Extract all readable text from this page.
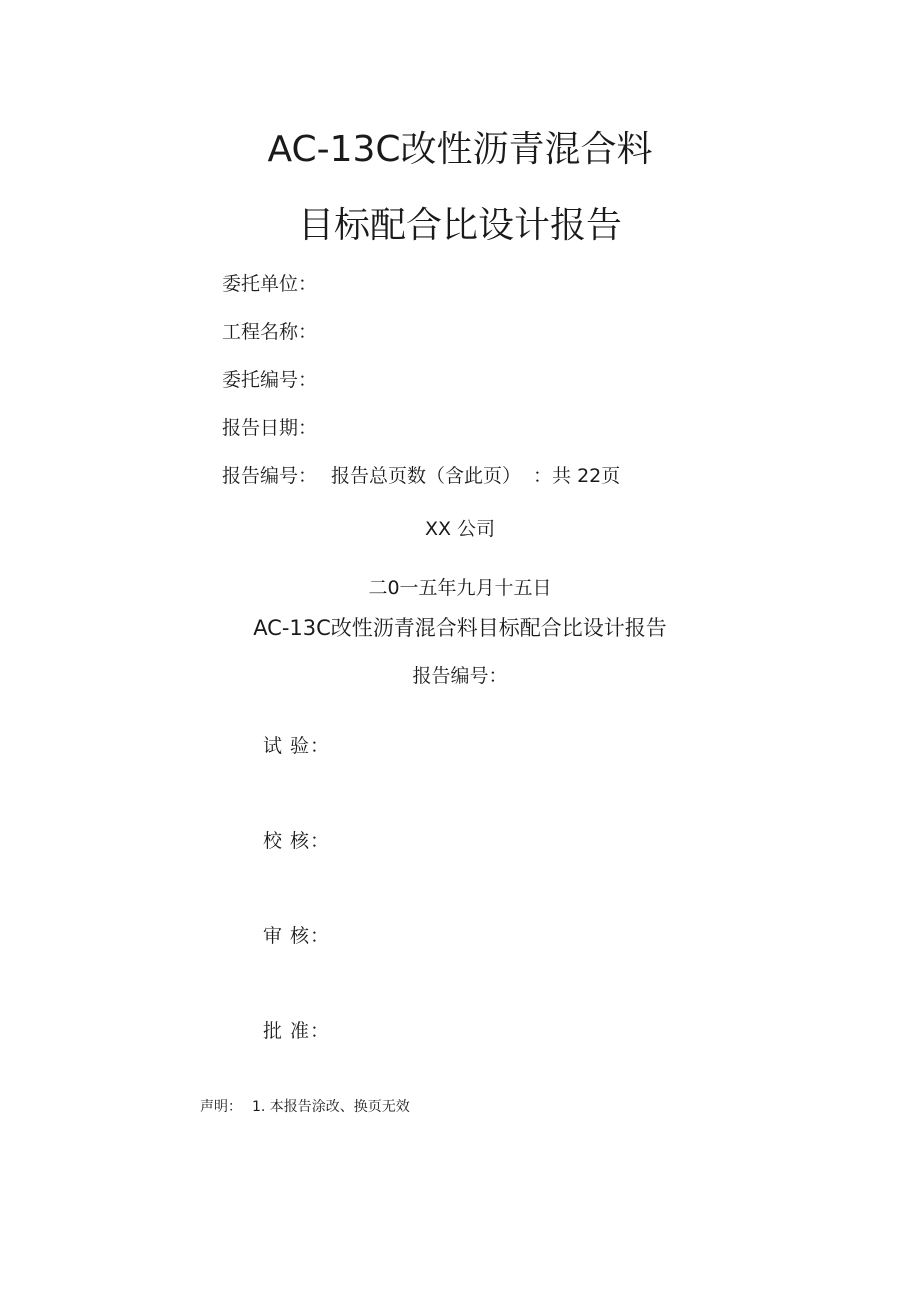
AC-13C改性沥青混合料
目标配合比设计报告
委托单位：
工程名称：
委托编号：
报告日期：
报告编号： 报告总页数（含此页） ：共 22页
XX 公司
二0一五年九月十五日
AC-13C改性沥青混合料目标配合比设计报告
报告编号：
试 验：
校 核：
审 核：
批 准：
声明： 1. 本报告涂改、换页无效
